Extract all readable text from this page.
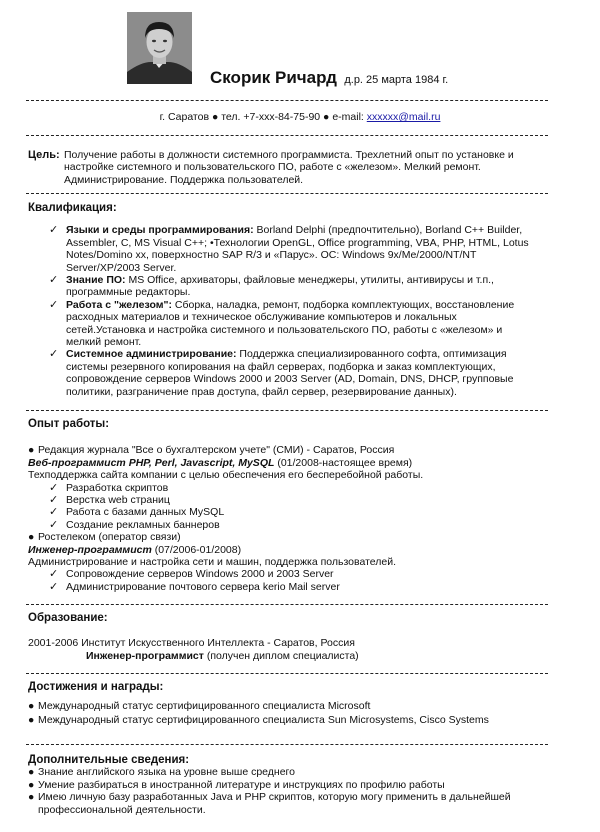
Скорик Ричард д.р. 25 марта 1984 г.
г. Саратов ● тел. +7-xxx-84-75-90 ● e-mail: xxxxxx@mail.ru
Цель: Получение работы в должности системного программиста. Трехлетний опыт по установке и настройке системного и пользовательского ПО, работе с «железом». Мелкий ремонт. Администрирование. Поддержка пользователей.
Квалификация:
✓ Языки и среды программирования: Borland Delphi (предпочтительно), Borland C++ Builder, Assembler, C, MS Visual C++; •Технологии OpenGL, Office programming, VBA, PHP, HTML, Lotus Notes/Domino xx, поверхностно SAP R/3 и «Парус». ОС: Windows 9x/Me/2000/NT/NT Server/XP/2003 Server.
✓ Знание ПО: MS Office, архиваторы, файловые менеджеры, утилиты, антивирусы и т.п., программные редакторы.
✓ Работа с "железом": Сборка, наладка, ремонт, подборка комплектующих, восстановление расходных материалов и техническое обслуживание компьютеров и локальных сетей.Установка и настройка системного и пользовательского ПО, работы с «железом» и мелкий ремонт.
✓ Системное администрирование: Поддержка специализированного софта, оптимизация системы резервного копирования на файл серверах, подборка и заказ комплектующих, сопровождение серверов Windows 2000 и 2003 Server (AD, Domain, DNS, DHCP, групповые политики, разграничение прав доступа, файл сервер, резервирование данных).
Опыт работы:
● Редакция журнала "Все о бухгалтерском учете" (СМИ) - Саратов, Россия
Веб-программист PHP, Perl, Javascript, MySQL (01/2008-настоящее время)
Техподдержка сайта компании с целью обеспечения его бесперебойной работы.
✓ Разработка скриптов
✓ Верстка web страниц
✓ Работа с базами данных MySQL
✓ Создание рекламных баннеров
● Ростелеком (оператор связи)
Инженер-программист (07/2006-01/2008)
Администрирование и настройка сети и машин, поддержка пользователей.
✓ Сопровождение серверов Windows 2000 и 2003 Server
✓ Администрирование почтового сервера kerio Mail server
Образование:
2001-2006 Институт Искусственного Интеллекта - Саратов, Россия
Инженер-программист (получен диплом специалиста)
Достижения и награды:
● Международный статус сертифицированного специалиста Microsoft
● Международный статус сертифицированного специалиста Sun Microsystems, Cisco Systems
Дополнительные сведения:
● Знание английского языка на уровне выше среднего
● Умение разбираться в иностранной литературе и инструкциях по профилю работы
● Имею личную базу разработанных Java и PHP скриптов, которую могу применить в дальнейшей профессиональной деятельности.
